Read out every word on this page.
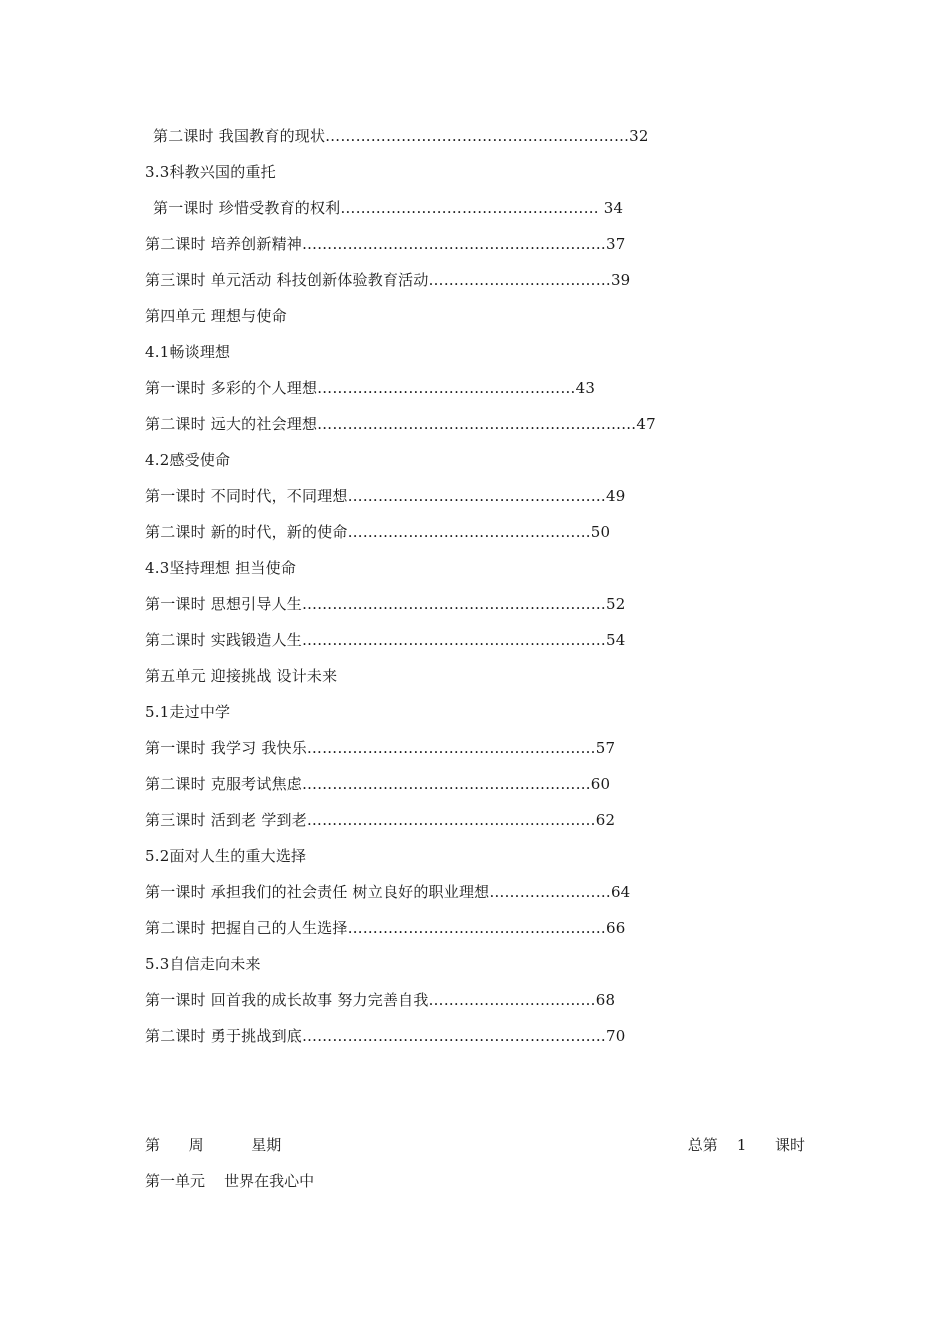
第二课时 我国教育的现状……………………………………………………32
3.3科教兴国的重托
第一课时 珍惜受教育的权利…………………………………………… 34
第二课时 培养创新精神……………………………………………………37
第三课时 单元活动 科技创新体验教育活动………………………………39
第四单元 理想与使命
4.1畅谈理想
第一课时 多彩的个人理想……………………………………………43
第二课时 远大的社会理想………………………………………………………47
4.2感受使命
第一课时 不同时代，不同理想……………………………………………49
第二课时 新的时代，新的使命…………………………………………50
4.3坚持理想 担当使命
第一课时 思想引导人生……………………………………………………52
第二课时 实践锻造人生……………………………………………………54
第五单元 迎接挑战 设计未来
5.1走过中学
第一课时 我学习 我快乐…………………………………………………57
第二课时 克服考试焦虑…………………………………………………60
第三课时 活到老 学到老…………………………………………………62
5.2面对人生的重大选择
第一课时 承担我们的社会责任 树立良好的职业理想……………………64
第二课时 把握自己的人生选择……………………………………………66
5.3自信走向未来
第一课时 回首我的成长故事 努力完善自我……………………………68
第二课时 勇于挑战到底……………………………………………………70
第      周          星期	总第    1      课时
第一单元    世界在我心中
